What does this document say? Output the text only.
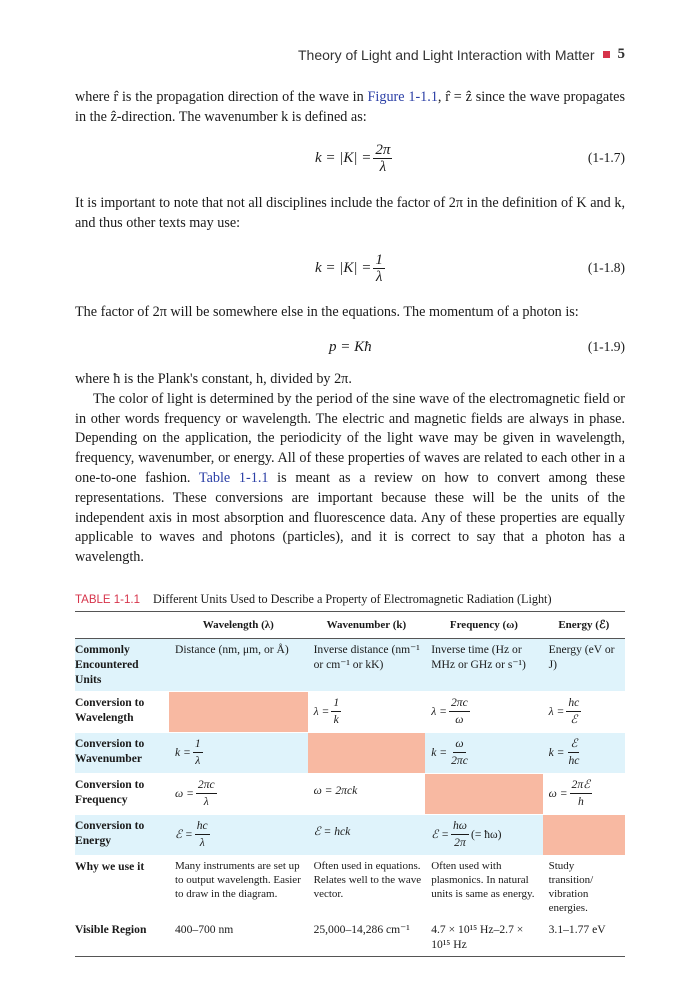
Theory of Light and Light Interaction with Matter 5

where r̂ is the propagation direction of the wave in Figure 1-1.1, r̂ = ẑ since the wave propagates in the ẑ-direction. The wavenumber k is defined as:

$k = |K| = \frac{2\pi}{\lambda}$	(1-1.7)

It is important to note that not all disciplines include the factor of 2π in the definition of K and k, and thus other texts may use:

$k = |K| = \frac{1}{\lambda}$	(1-1.8)

The factor of 2π will be somewhere else in the equations. The momentum of a photon is:

p = Kħ	(1-1.9)

where ħ is the Plank's constant, h, divided by 2π.

The color of light is determined by the period of the sine wave of the electromagnetic field or in other words frequency or wavelength. The electric and magnetic fields are always in phase. Depending on the application, the periodicity of the light wave may be given in wavelength, frequency, wavenumber, or energy. All of these properties of waves are related to each other in a one-to-one fashion. Table 1-1.1 is meant as a review on how to convert among these representations. These conversions are important because these will be the units of the independent axis in most absorption and fluorescence data. Any of these properties are equally applicable to waves and photons (particles), and it is correct to say that a photon has a wavelength.

TABLE 1-1.1 Different Units Used to Describe a Property of Electromagnetic Radiation (Light)
	Wavelength (λ)	Wavenumber (k)	Frequency (ω)	Energy (ℰ)
Commonly Encountered Units	Distance (nm, μm, or Å)	Inverse distance (nm⁻¹ or cm⁻¹ or kK)	Inverse time (Hz or MHz or GHz or s⁻¹)	Energy (eV or J)
Conversion to Wavelength		$\lambda = \frac{1}{k}$	$\lambda = \frac{2\pi c}{\omega}$	$\lambda = \frac{hc}{\text{ℰ}}$

Conversion to Wavenumber	$k = \frac{1}{\lambda}$		$k = \frac{\omega}{2\pi c}$	$k = \frac{\text{ℰ}}{hc}$

Conversion to Frequency	$\omega = \frac{2\pi c}{\lambda}$	ω = 2πck		$\omega = \frac{\text{2πℰ}}{h}$

Conversion to Energy	ℰ = $\frac{hc}{\lambda}$	ℰ = hck	ℰ = $\frac{h\omega}{2\pi}$ (= ħω)	

Why we use it	Many instruments are set up to output wavelength. Easier to draw in the diagram.	Often used in equations. Relates well to the wave vector.	Often used with plasmonics. In natural units is same as energy.	Study transition/ vibration energies.
Visible Region	400–700 nm	25,000–14,286 cm⁻¹	4.7 × 10¹⁵ Hz–2.7 × 10¹⁵ Hz	3.1–1.77 eV
